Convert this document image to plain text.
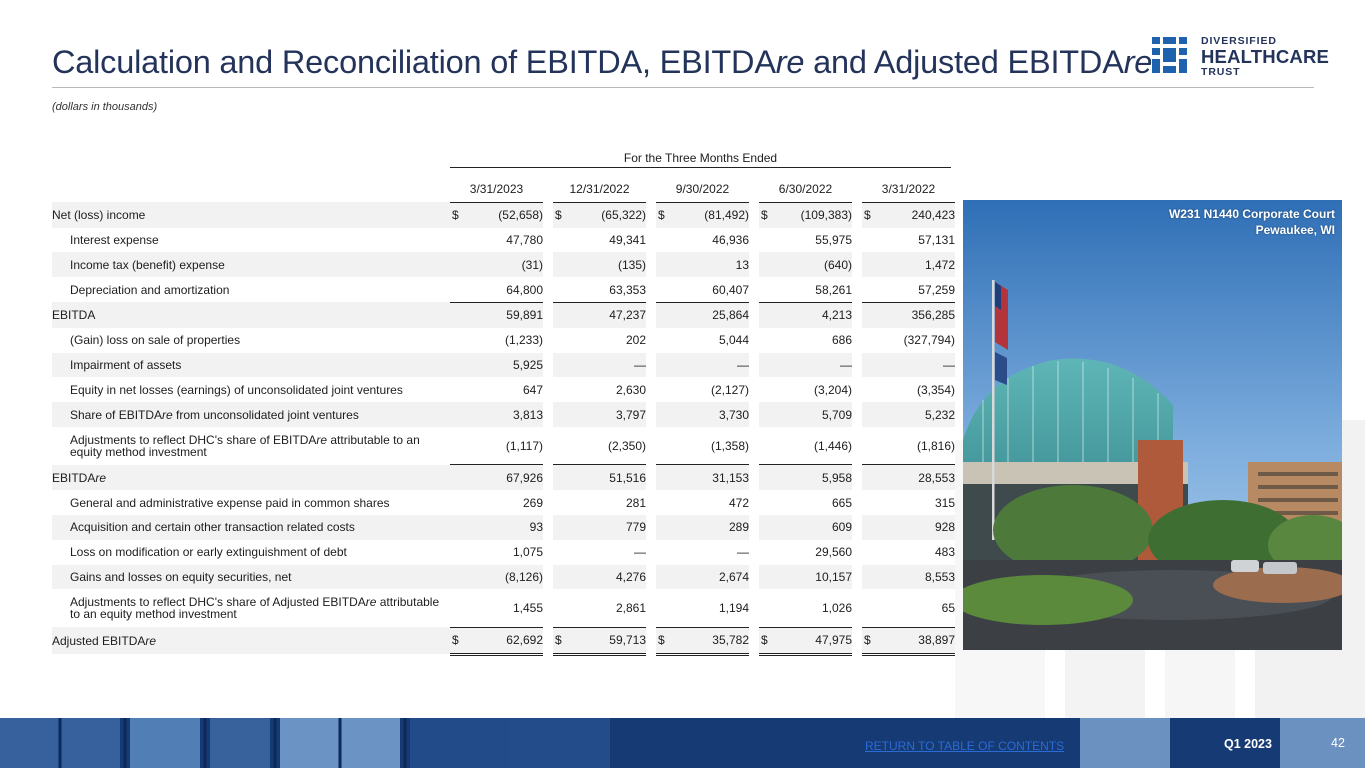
Calculation and Reconciliation of EBITDA, EBITDAre and Adjusted EBITDAre
(dollars in thousands)
DIVERSIFIED
HEALTHCARE
TRUST
For the Three Months Ended
	3/31/2023		12/31/2022		9/30/2022		6/30/2022		3/31/2022
Net (loss) income	$ (52,658)		$ (65,322)		$ (81,492)		$ (109,383)		$ 240,423

Interest expense	47,780		49,341		46,936		55,975		57,131
Income tax (benefit) expense	(31)		(135)		13		(640)		1,472
Depreciation and amortization	64,800		63,353		60,407		58,261		57,259
EBITDA	59,891		47,237		25,864		4,213		356,285
(Gain) loss on sale of properties	(1,233)		202		5,044		686		(327,794)
Impairment of assets	5,925		—		—		—		—
Equity in net losses (earnings) of unconsolidated joint ventures	647		2,630		(2,127)		(3,204)		(3,354)
Share of EBITDAre from unconsolidated joint ventures	3,813		3,797		3,730		5,709		5,232
Adjustments to reflect DHC's share of EBITDAre attributable to an equity method investment	(1,117)		(2,350)		(1,358)		(1,446)		(1,816)
EBITDAre	67,926		51,516		31,153		5,958		28,553
General and administrative expense paid in common shares	269		281		472		665		315
Acquisition and certain other transaction related costs	93		779		289		609		928
Loss on modification or early extinguishment of debt	1,075		—		—		29,560		483
Gains and losses on equity securities, net	(8,126)		4,276		2,674		10,157		8,553
Adjustments to reflect DHC's share of Adjusted EBITDAre attributable to an equity method investment	1,455		2,861		1,194		1,026		65
Adjusted EBITDAre	$ 62,692		$ 59,713		$ 35,782		$ 47,975		$ 38,897
W231 N1440 Corporate Court
Pewaukee, WI
RETURN TO TABLE OF CONTENTS	Q1 2023	42
